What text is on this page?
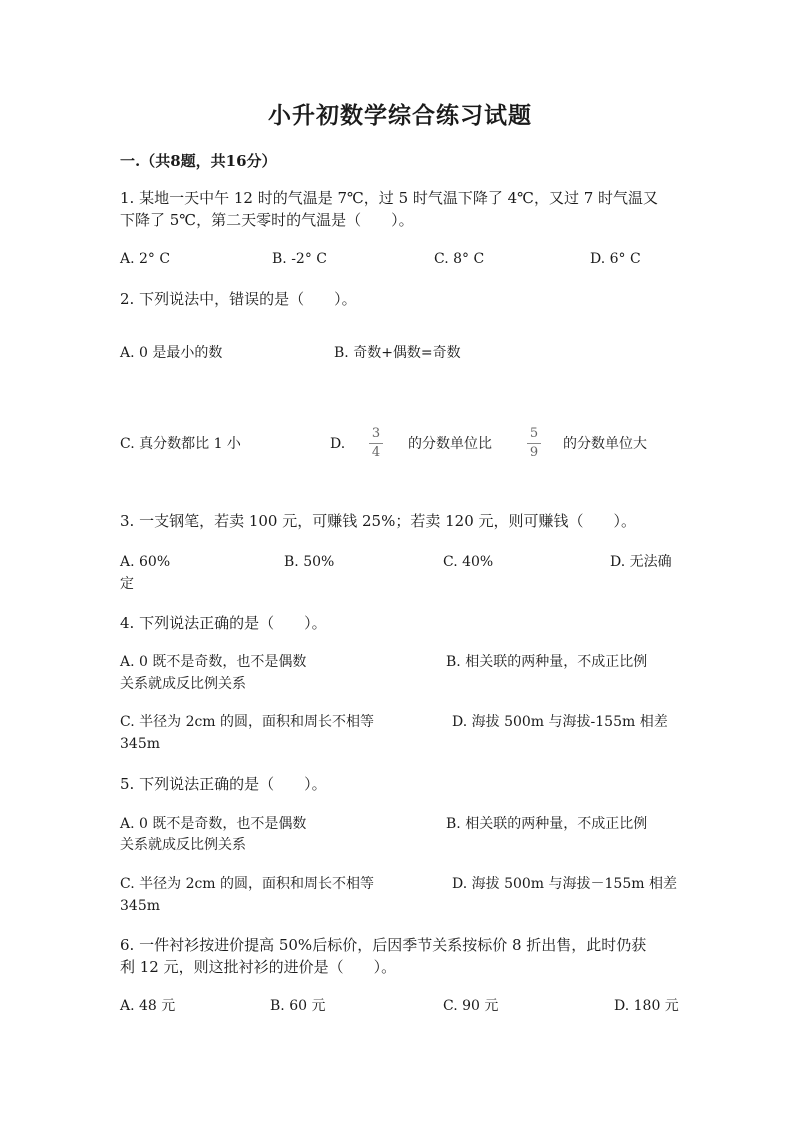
小升初数学综合练习试题
一.（共8题，共16分）
1. 某地一天中午 12 时的气温是 7℃，过 5 时气温下降了 4℃，又过 7 时气温又
下降了 5℃，第二天零时的气温是（　　）。
A. 2° C	B. -2° C	C. 8° C	D. 6° C
2. 下列说法中，错误的是（　　）。
A. 0 是最小的数	B. 奇数+偶数=奇数
C. 真分数都比 1 小	D.
3
4
的分数单位比
5
9
的分数单位大
3. 一支钢笔，若卖 100 元，可赚钱 25%；若卖 120 元，则可赚钱（　　）。
A. 60%	B. 50%	C. 40%	D. 无法确
定
4. 下列说法正确的是（　　）。
A. 0 既不是奇数，也不是偶数	B. 相关联的两种量，不成正比例
关系就成反比例关系
C. 半径为 2cm 的圆，面积和周长不相等	D. 海拔 500m 与海拔-155m 相差
345m
5. 下列说法正确的是（　　）。
A. 0 既不是奇数，也不是偶数	B. 相关联的两种量，不成正比例
关系就成反比例关系
C. 半径为 2cm 的圆，面积和周长不相等	D. 海拔 500m 与海拔－155m 相差
345m
6. 一件衬衫按进价提高 50%后标价，后因季节关系按标价 8 折出售，此时仍获
利 12 元，则这批衬衫的进价是（　　）。
A. 48 元	B. 60 元	C. 90 元	D. 180 元
